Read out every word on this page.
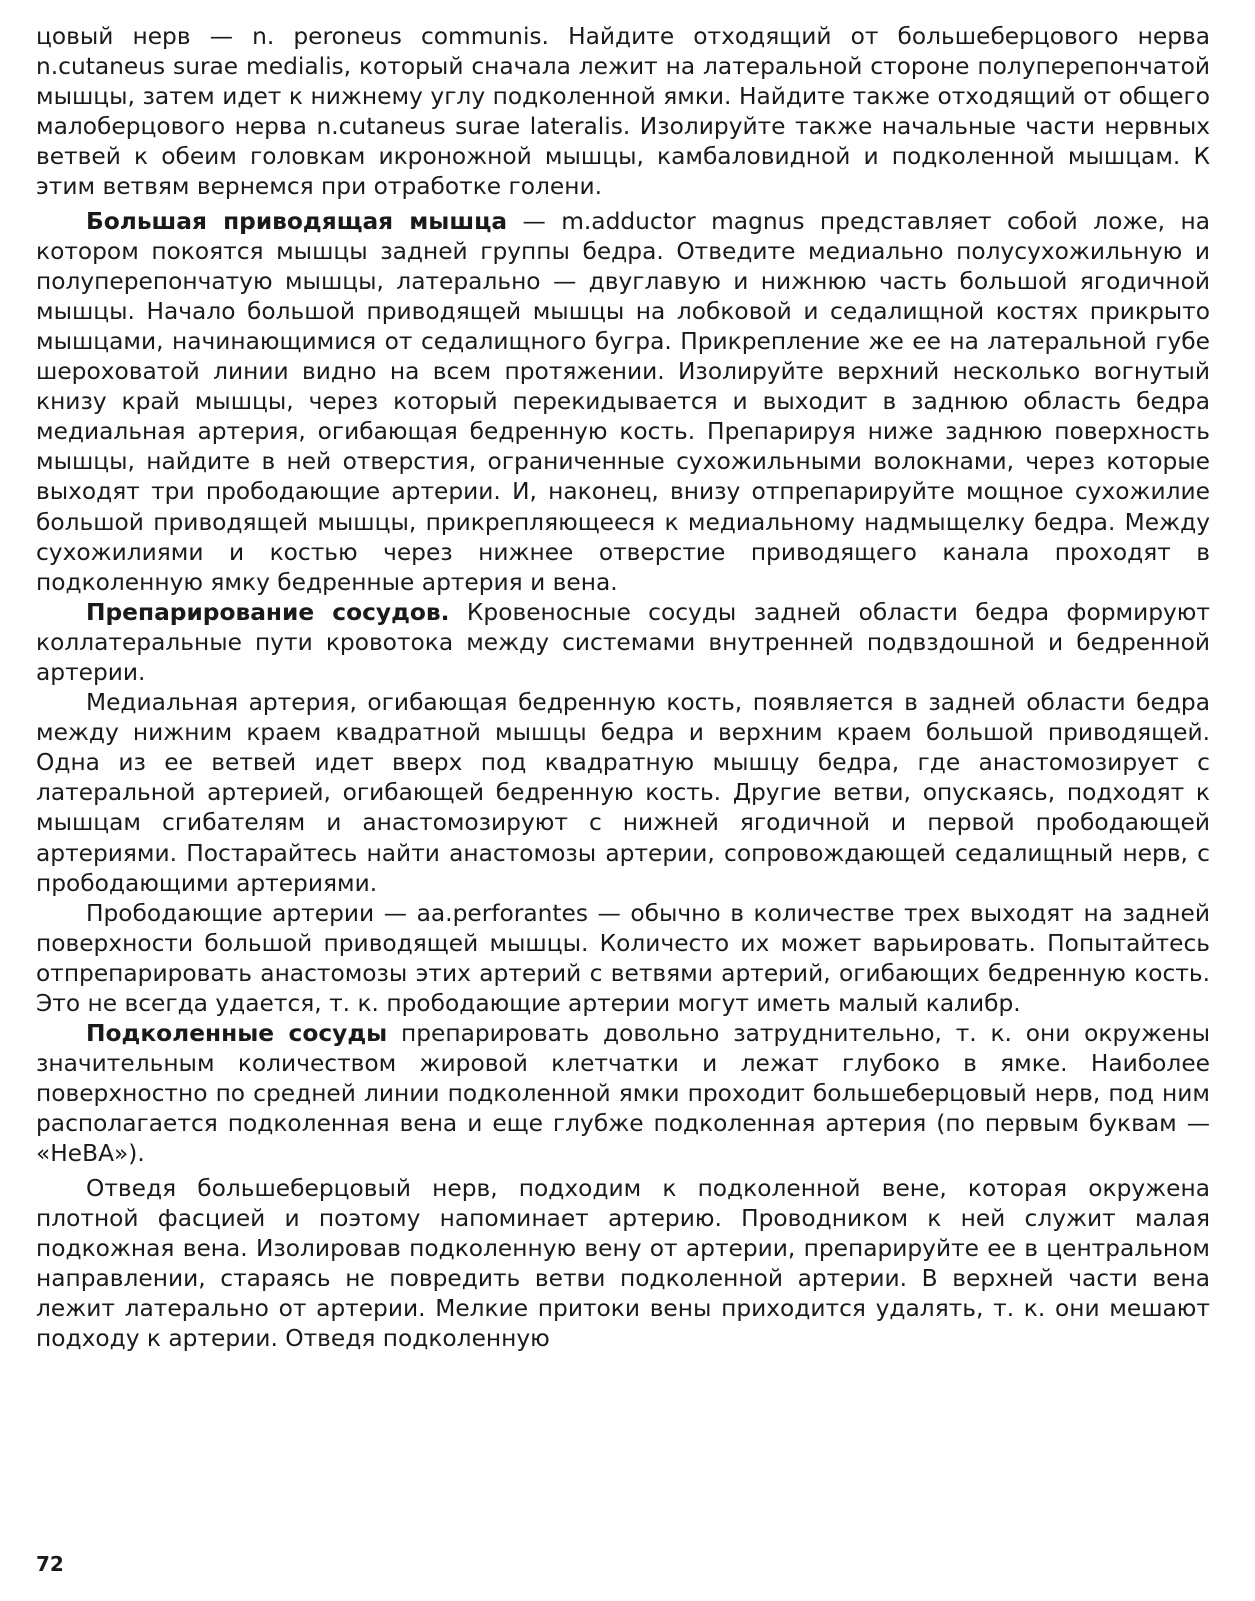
цовый нерв — n. peroneus communis. Найдите отходящий от большеберцового нерва n.cutaneus surae medialis, который сначала лежит на латеральной стороне полуперепончатой мышцы, затем идет к нижнему углу подколенной ямки. Найдите также отходящий от общего малоберцового нерва n.cutaneus surae lateralis. Изолируйте также начальные части нервных ветвей к обеим головкам икроножной мышцы, камбаловидной и подколенной мышцам. К этим ветвям вернемся при отработке голени.

Большая приводящая мышца — m.adductor magnus представляет собой ложе, на котором покоятся мышцы задней группы бедра. Отведите медиально полусухожильную и полуперепончатую мышцы, латерально — двуглавую и нижнюю часть большой ягодичной мышцы. Начало большой приводящей мышцы на лобковой и седалищной костях прикрыто мышцами, начинающимися от седалищного бугра. Прикрепление же ее на латеральной губе шероховатой линии видно на всем протяжении. Изолируйте верхний несколько вогнутый книзу край мышцы, через который перекидывается и выходит в заднюю область бедра медиальная артерия, огибающая бедренную кость. Препарируя ниже заднюю поверхность мышцы, найдите в ней отверстия, ограниченные сухожильными волокнами, через которые выходят три прободающие артерии. И, наконец, внизу отпрепарируйте мощное сухожилие большой приводящей мышцы, прикрепляющееся к медиальному надмыщелку бедра. Между сухожилиями и костью через нижнее отверстие приводящего канала проходят в подколенную ямку бедренные артерия и вена.

Препарирование сосудов. Кровеносные сосуды задней области бедра формируют коллатеральные пути кровотока между системами внутренней подвздошной и бедренной артерии.

Медиальная артерия, огибающая бедренную кость, появляется в задней области бедра между нижним краем квадратной мышцы бедра и верхним краем большой приводящей. Одна из ее ветвей идет вверх под квадратную мышцу бедра, где анастомозирует с латеральной артерией, огибающей бедренную кость. Другие ветви, опускаясь, подходят к мышцам сгибателям и анастомозируют с нижней ягодичной и первой прободающей артериями. Постарайтесь найти анастомозы артерии, сопровождающей седалищный нерв, с прободающими артериями.

Прободающие артерии — aa.perforantes — обычно в количестве трех выходят на задней поверхности большой приводящей мышцы. Количесто их может варьировать. Попытайтесь отпрепарировать анастомозы этих артерий с ветвями артерий, огибающих бедренную кость. Это не всегда удается, т. к. прободающие артерии могут иметь малый калибр.

Подколенные сосуды препарировать довольно затруднительно, т. к. они окружены значительным количеством жировой клетчатки и лежат глубоко в ямке. Наиболее поверхностно по средней линии подколенной ямки проходит большеберцовый нерв, под ним располагается подколенная вена и еще глубже подколенная артерия (по первым буквам — «НеВА»).

Отведя большеберцовый нерв, подходим к подколенной вене, которая окружена плотной фасцией и поэтому напоминает артерию. Проводником к ней служит малая подкожная вена. Изолировав подколенную вену от артерии, препарируйте ее в центральном направлении, стараясь не повредить ветви подколенной артерии. В верхней части вена лежит латерально от артерии. Мелкие притоки вены приходится удалять, т. к. они мешают подходу к артерии. Отведя подколенную

72
